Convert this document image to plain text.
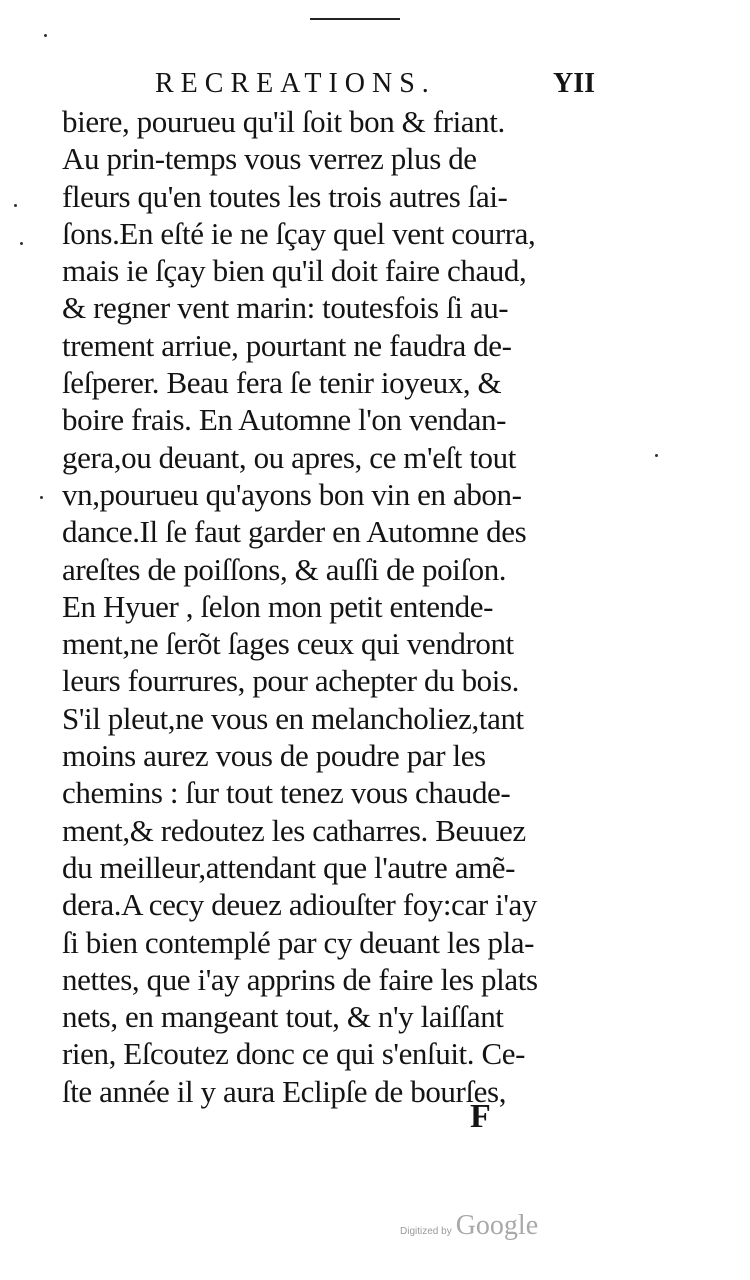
RECREATIONS.	YII
biere, pourueu qu'il ſoit bon & friant.
Au prin-temps vous verrez plus de
fleurs qu'en toutes les trois autres ſai-
ſons.En eſté ie ne ſçay quel vent courra,
mais ie ſçay bien qu'il doit faire chaud,
& regner vent marin: toutesfois ſi au-
trement arriue, pourtant ne faudra de-
ſeſperer. Beau fera ſe tenir ioyeux, &
boire frais. En Automne l'on vendan-
gera,ou deuant, ou apres, ce m'eſt tout
vn,pourueu qu'ayons bon vin en abon-
dance.Il ſe faut garder en Automne des
areſtes de poiſſons, & auſſi de poiſon.
En Hyuer , ſelon mon petit entende-
ment,ne ſerõt ſages ceux qui vendront
leurs fourrures, pour achepter du bois.
S'il pleut,ne vous en melancholiez,tant
moins aurez vous de poudre par les
chemins : ſur tout tenez vous chaude-
ment,& redoutez les catharres. Beuuez
du meilleur,attendant que l'autre amẽ-
dera.A cecy deuez adiouſter foy:car i'ay
ſi bien contemplé par cy deuant les pla-
nettes, que i'ay apprins de faire les plats
nets, en mangeant tout, & n'y laiſſant
rien, Eſcoutez donc ce qui s'enſuit. Ce-
ſte année il y aura Eclipſe de bourſes,
F
Digitized by Google
